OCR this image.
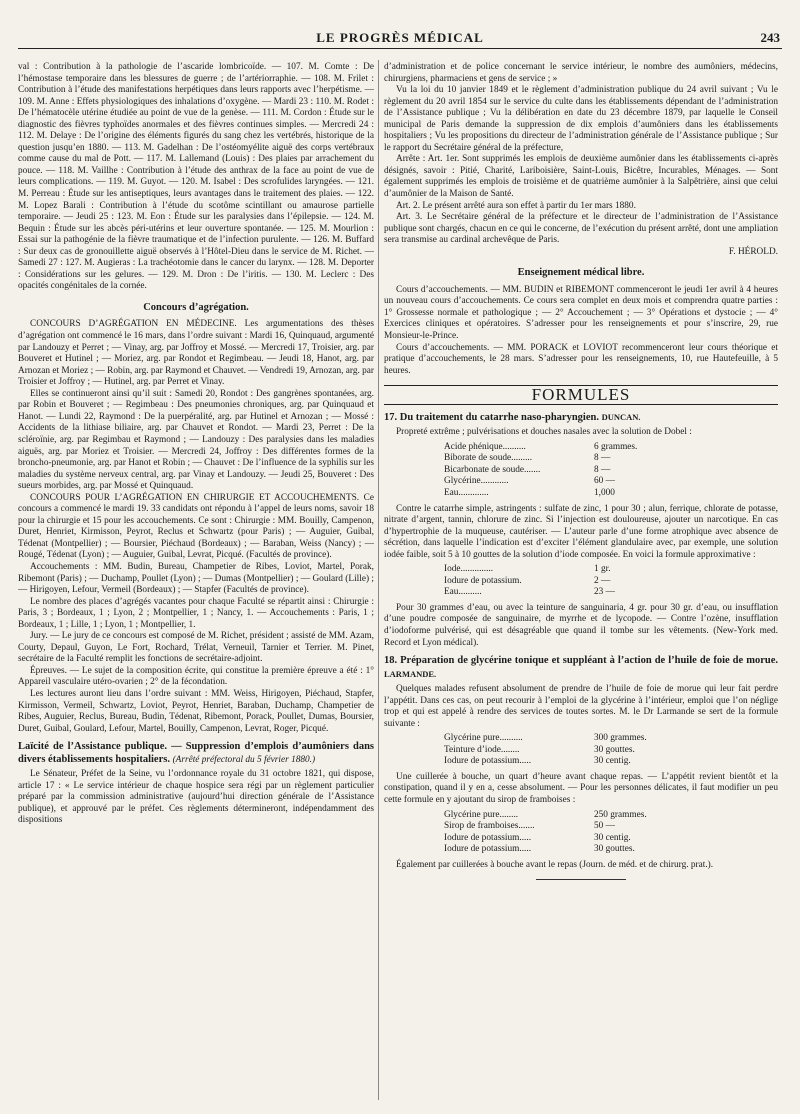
LE PROGRÈS MÉDICAL	243

val : Contribution à la pathologie de l’ascaride lombricoïde. — 107. M. Comte : De l’hémostase temporaire dans les blessures de guerre ; de l’artériorraphie. — 108. M. Frilet : Contribution à l’étude des manifestations herpétiques dans leurs rapports avec l’herpétisme. — 109. M. Anne : Effets physiologiques des inhalations d’oxygène. — Mardi 23 : 110. M. Rodet : De l’hématocèle utérine étudiée au point de vue de la genèse. — 111. M. Cordon : Étude sur le diagnostic des fièvres typhoïdes anormales et des fièvres continues simples. — Mercredi 24 : 112. M. Delaye : De l’origine des éléments figurés du sang chez les vertébrés, historique de la question jusqu’en 1880. — 113. M. Gadelhan : De l’ostéomyélite aiguë des corps vertébraux comme cause du mal de Pott. — 117. M. Lallemand (Louis) : Des plaies par arrachement du pouce. — 118. M. Vaillhe : Contribution à l’étude des anthrax de la face au point de vue de leurs complications. — 119. M. Guyot. — 120. M. Isabel : Des scrofulides laryngées. — 121. M. Perreau : Étude sur les antiseptiques, leurs avantages dans le traitement des plaies. — 122. M. Lopez Barali : Contribution à l’étude du scotôme scintillant ou amaurose partielle temporaire. — Jeudi 25 : 123. M. Eon : Étude sur les paralysies dans l’épilepsie. — 124. M. Bequin : Étude sur les abcès péri-utérins et leur ouverture spontanée. — 125. M. Mourlion : Essai sur la pathogénie de la fièvre traumatique et de l’infection purulente. — 126. M. Buffard : Sur deux cas de gronouillette aiguë observés à l’Hôtel-Dieu dans le service de M. Richet. — Samedi 27 : 127. M. Augieras : La trachéotomie dans le cancer du larynx. — 128. M. Deporter : Considérations sur les gelures. — 129. M. Dron : De l’iritis. — 130. M. Leclerc : Des opacités congénitales de la cornée.

Concours d’agrégation.

CONCOURS D’AGRÉGATION EN MÉDECINE. Les argumentations des thèses d’agrégation ont commencé le 16 mars, dans l’ordre suivant : Mardi 16, Quinquaud, argumenté par Landouzy et Perret ; — Vinay, arg. par Joffroy et Mossé. — Mercredi 17, Troisier, arg. par Bouveret et Hutinel ; — Moriez, arg. par Rondot et Regimbeau. — Jeudi 18, Hanot, arg. par Arnozan et Moriez ; — Robin, arg. par Raymond et Chauvet. — Vendredi 19, Arnozan, arg. par Troisier et Joffroy ; — Hutinel, arg. par Perret et Vinay.

Elles se continueront ainsi qu’il suit : Samedi 20, Rondot : Des gangrènes spontanées, arg. par Robin et Bouveret ; — Regimbeau : Des pneumonies chroniques, arg. par Quinquaud et Hanot. — Lundi 22, Raymond : De la puerpéralité, arg. par Hutinel et Arnozan ; — Mossé : Accidents de la lithiase biliaire, arg. par Chauvet et Rondot. — Mardi 23, Perret : De la scléroïnie, arg. par Regimbau et Raymond ; — Landouzy : Des paralysies dans les maladies aiguës, arg. par Moriez et Troisier. — Mercredi 24, Joffroy : Des différentes formes de la broncho-pneumonie, arg. par Hanot et Robin ; — Chauvet : De l’influence de la syphilis sur les maladies du système nerveux central, arg. par Vinay et Landouzy. — Jeudi 25, Bouveret : Des sueurs morbides, arg. par Mossé et Quinquaud.

CONCOURS POUR L’AGRÉGATION EN CHIRURGIE ET ACCOUCHEMENTS. Ce concours a commencé le mardi 19. 33 candidats ont répondu à l’appel de leurs noms, savoir 18 pour la chirurgie et 15 pour les accouchements. Ce sont : Chirurgie : MM. Bouilly, Campenon, Duret, Henriet, Kirmisson, Peyrot, Reclus et Schwartz (pour Paris) ; — Auguier, Guibal, Tédenat (Montpellier) ; — Boursier, Piéchaud (Bordeaux) ; — Baraban, Weiss (Nancy) ; — Rougé, Tédenat (Lyon) ; — Auguier, Guibal, Levrat, Picqué. (Facultés de province).

Accouchements : MM. Budin, Bureau, Champetier de Ribes, Loviot, Martel, Porak, Ribemont (Paris) ; — Duchamp, Poullet (Lyon) ; — Dumas (Montpellier) ; — Goulard (Lille) ; — Hirigoyen, Lefour, Vermeil (Bordeaux) ; — Stapfer (Facultés de province).

Le nombre des places d’agrégés vacantes pour chaque Faculté se répartit ainsi : Chirurgie : Paris, 3 ; Bordeaux, 1 ; Lyon, 2 ; Montpellier, 1 ; Nancy, 1. — Accouchements : Paris, 1 ; Bordeaux, 1 ; Lille, 1 ; Lyon, 1 ; Montpellier, 1.

Jury. — Le jury de ce concours est composé de M. Richet, président ; assisté de MM. Azam, Courty, Depaul, Guyon, Le Fort, Rochard, Trélat, Verneuil, Tarnier et Terrier. M. Pinet, secrétaire de la Faculté remplit les fonctions de secrétaire-adjoint.

Épreuves. — Le sujet de la composition écrite, qui constitue la première épreuve a été : 1° Appareil vasculaire utéro-ovarien ; 2° de la fécondation.

Les lectures auront lieu dans l’ordre suivant : MM. Weiss, Hirigoyen, Piéchaud, Stapfer, Kirmisson, Vermeil, Schwartz, Loviot, Peyrot, Henriet, Baraban, Duchamp, Champetier de Ribes, Auguier, Reclus, Bureau, Budin, Tédenat, Ribemont, Porack, Poullet, Dumas, Boursier, Duret, Guibal, Goulard, Lefour, Martel, Bouilly, Campenon, Levrat, Roger, Picqué.

Laïcité de l’Assistance publique. — Suppression d’emplois d’aumôniers dans divers établissements hospitaliers. (Arrêté préfectoral du 5 février 1880.)

Le Sénateur, Préfet de la Seine, vu l’ordonnance royale du 31 octobre 1821, qui dispose, article 17 : « Le service intérieur de chaque hospice sera régi par un règlement particulier préparé par la commission administrative (aujourd’hui direction générale de l’Assistance publique), et approuvé par le préfet. Ces règlements détermineront, indépendamment des dispositions

d’administration et de police concernant le service intérieur, le nombre des aumôniers, médecins, chirurgiens, pharmaciens et gens de service ; »

Vu la loi du 10 janvier 1849 et le règlement d’administration publique du 24 avril suivant ; Vu le règlement du 20 avril 1854 sur le service du culte dans les établissements dépendant de l’administration de l’Assistance publique ; Vu la délibération en date du 23 décembre 1879, par laquelle le Conseil municipal de Paris demande la suppression de dix emplois d’aumôniers dans les établissements hospitaliers ; Vu les propositions du directeur de l’administration générale de l’Assistance publique ; Sur le rapport du Secrétaire général de la préfecture,

Arrête : Art. 1er. Sont supprimés les emplois de deuxième aumônier dans les établissements ci-après désignés, savoir : Pitié, Charité, Lariboisière, Saint-Louis, Bicêtre, Incurables, Ménages. — Sont également supprimés les emplois de troisième et de quatrième aumônier à la Salpêtrière, ainsi que celui d’aumônier de la Maison de Santé.

Art. 2. Le présent arrêté aura son effet à partir du 1er mars 1880.

Art. 3. Le Secrétaire général de la préfecture et le directeur de l’administration de l’Assistance publique sont chargés, chacun en ce qui le concerne, de l’exécution du présent arrêté, dont une ampliation sera transmise au cardinal archevêque de Paris.

F. HÉROLD.

Enseignement médical libre.

Cours d’accouchements. — MM. BUDIN et RIBEMONT commenceront le jeudi 1er avril à 4 heures un nouveau cours d’accouchements. Ce cours sera complet en deux mois et comprendra quatre parties : 1° Grossesse normale et pathologique ; — 2° Accouchement ; — 3° Opérations et dystocie ; — 4° Exercices cliniques et opératoires. S’adresser pour les renseignements et pour s’inscrire, 29, rue Monsieur-le-Prince.

Cours d’accouchements. — MM. PORACK et LOVIOT recommenceront leur cours théorique et pratique d’accouchements, le 28 mars. S’adresser pour les renseignements, 10, rue Hautefeuille, à 5 heures.

FORMULES
17. Du traitement du catarrhe naso-pharyngien. DUNCAN.

Propreté extrême ; pulvérisations et douches nasales avec la solution de Dobel :

Acide phénique..........	6 grammes.
Biborate de soude.........	8 —
Bicarbonate de soude.......	8 —
Glycérine............	60 —
Eau.............	1,000

Contre le catarrhe simple, astringents : sulfate de zinc, 1 pour 30 ; alun, ferrique, chlorate de potasse, nitrate d’argent, tannin, chlorure de zinc. Si l’injection est douloureuse, ajouter un narcotique. En cas d’hypertrophie de la muqueuse, cautériser. — L’auteur parle d’une forme atrophique avec absence de sécrétion, dans laquelle l’indication est d’exciter l’élément glandulaire avec, par exemple, une solution iodée faible, soit 5 à 10 gouttes de la solution d’iode composée. En voici la formule approximative :

Iode..............	1 gr.
Iodure de potassium.	2 —
Eau..........	23 —

Pour 30 grammes d’eau, ou avec la teinture de sanguinaria, 4 gr. pour 30 gr. d’eau, ou insufflation d’une poudre composée de sanguinaire, de myrrhe et de lycopode. — Contre l’ozène, insufflation d’iodoforme pulvérisé, qui est désagréable que quand il tombe sur les vêtements. (New-York med. Record et Lyon médical).

18. Préparation de glycérine tonique et suppléant à l’action de l’huile de foie de morue. LARMANDE.

Quelques malades refusent absolument de prendre de l’huile de foie de morue qui leur fait perdre l’appétit. Dans ces cas, on peut recourir à l’emploi de la glycérine à l’intérieur, emploi que l’on néglige trop et qui est appelé à rendre des services de toutes sortes. M. le Dr Larmande se sert de la formule suivante :

Glycérine pure..........	300 grammes.
Teinture d’iode........	30 gouttes.
Iodure de potassium.....	30 centig.

Une cuillerée à bouche, un quart d’heure avant chaque repas. — L’appétit revient bientôt et la constipation, quand il y en a, cesse absolument. — Pour les personnes délicates, il faut modifier un peu cette formule en y ajoutant du sirop de framboises :

Glycérine pure........	250 grammes.
Sirop de framboises.......	50 —
Iodure de potassium.....	30 centig.
Iodure de potassium.....	30 gouttes.

Également par cuillerées à bouche avant le repas (Journ. de méd. et de chirurg. prat.).
